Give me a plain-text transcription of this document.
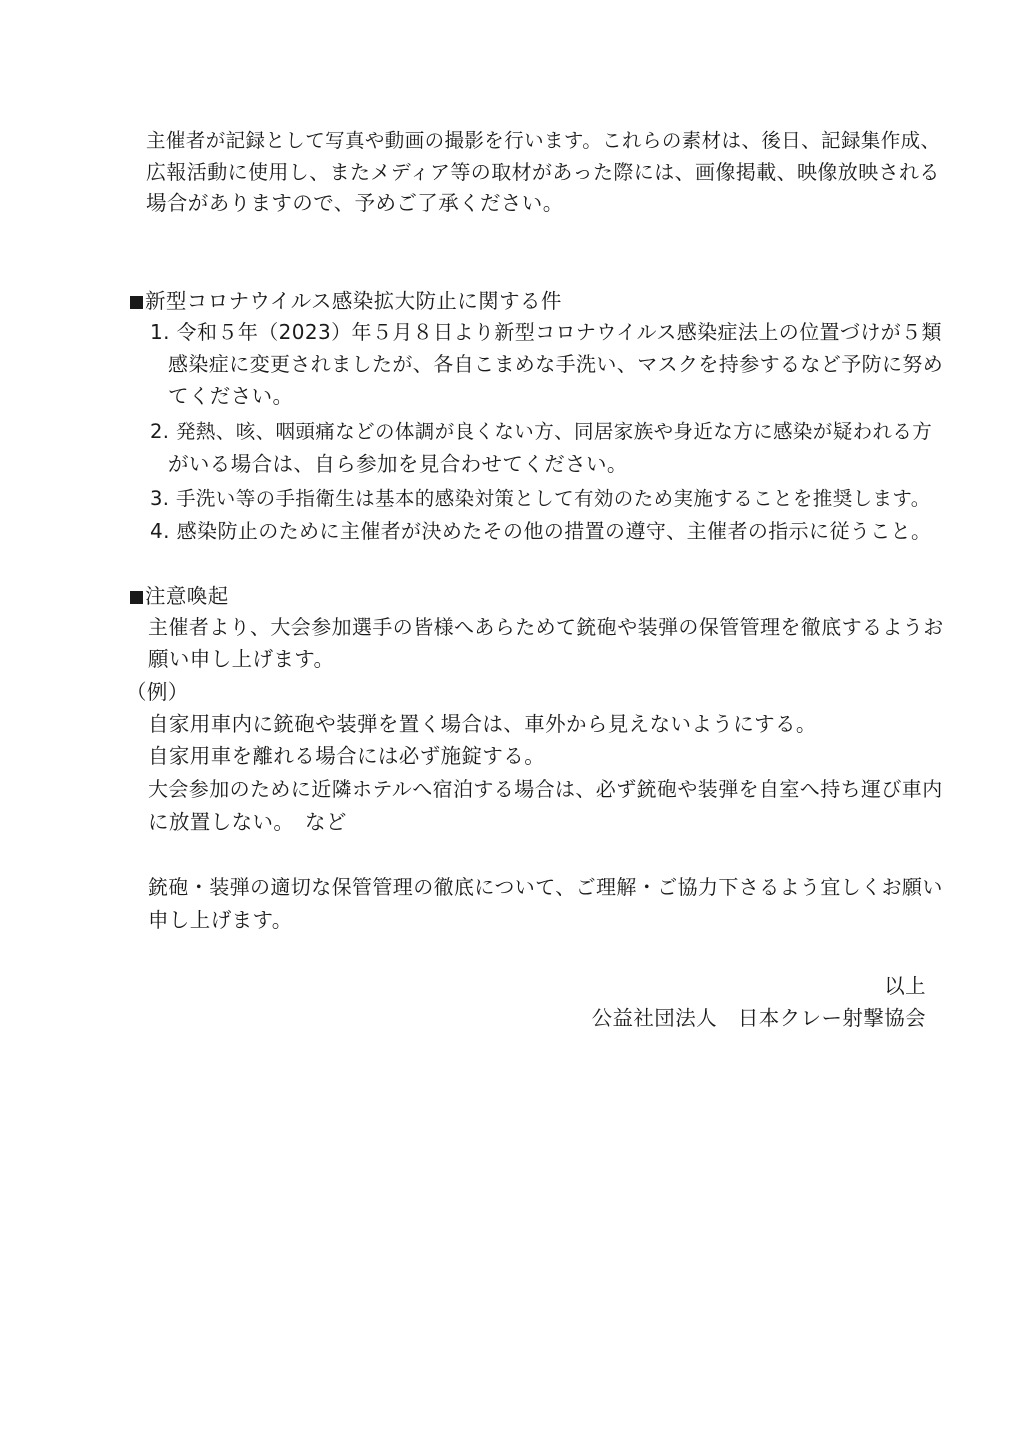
主催者が記録として写真や動画の撮影を行います。これらの素材は、後日、記録集作成、
広報活動に使用し、またメディア等の取材があった際には、画像掲載、映像放映される
場合がありますので、予めご了承ください。
新型コロナウイルス感染拡大防止に関する件
1. 令和５年（2023）年５月８日より新型コロナウイルス感染症法上の位置づけが５類
感染症に変更されましたが、各自こまめな手洗い、マスクを持参するなど予防に努め
てください。
2. 発熱、咳、咽頭痛などの体調が良くない方、同居家族や身近な方に感染が疑われる方
がいる場合は、自ら参加を見合わせてください。
3. 手洗い等の手指衛生は基本的感染対策として有効のため実施することを推奨します。
4. 感染防止のために主催者が決めたその他の措置の遵守、主催者の指示に従うこと。
注意喚起
主催者より、大会参加選手の皆様へあらためて銃砲や装弾の保管管理を徹底するようお
願い申し上げます。
（例）
自家用車内に銃砲や装弾を置く場合は、車外から見えないようにする。
自家用車を離れる場合には必ず施錠する。
大会参加のために近隣ホテルへ宿泊する場合は、必ず銃砲や装弾を自室へ持ち運び車内
に放置しない。　など
銃砲・装弾の適切な保管管理の徹底について、ご理解・ご協力下さるよう宜しくお願い
申し上げます。
以上
公益社団法人　日本クレー射撃協会
